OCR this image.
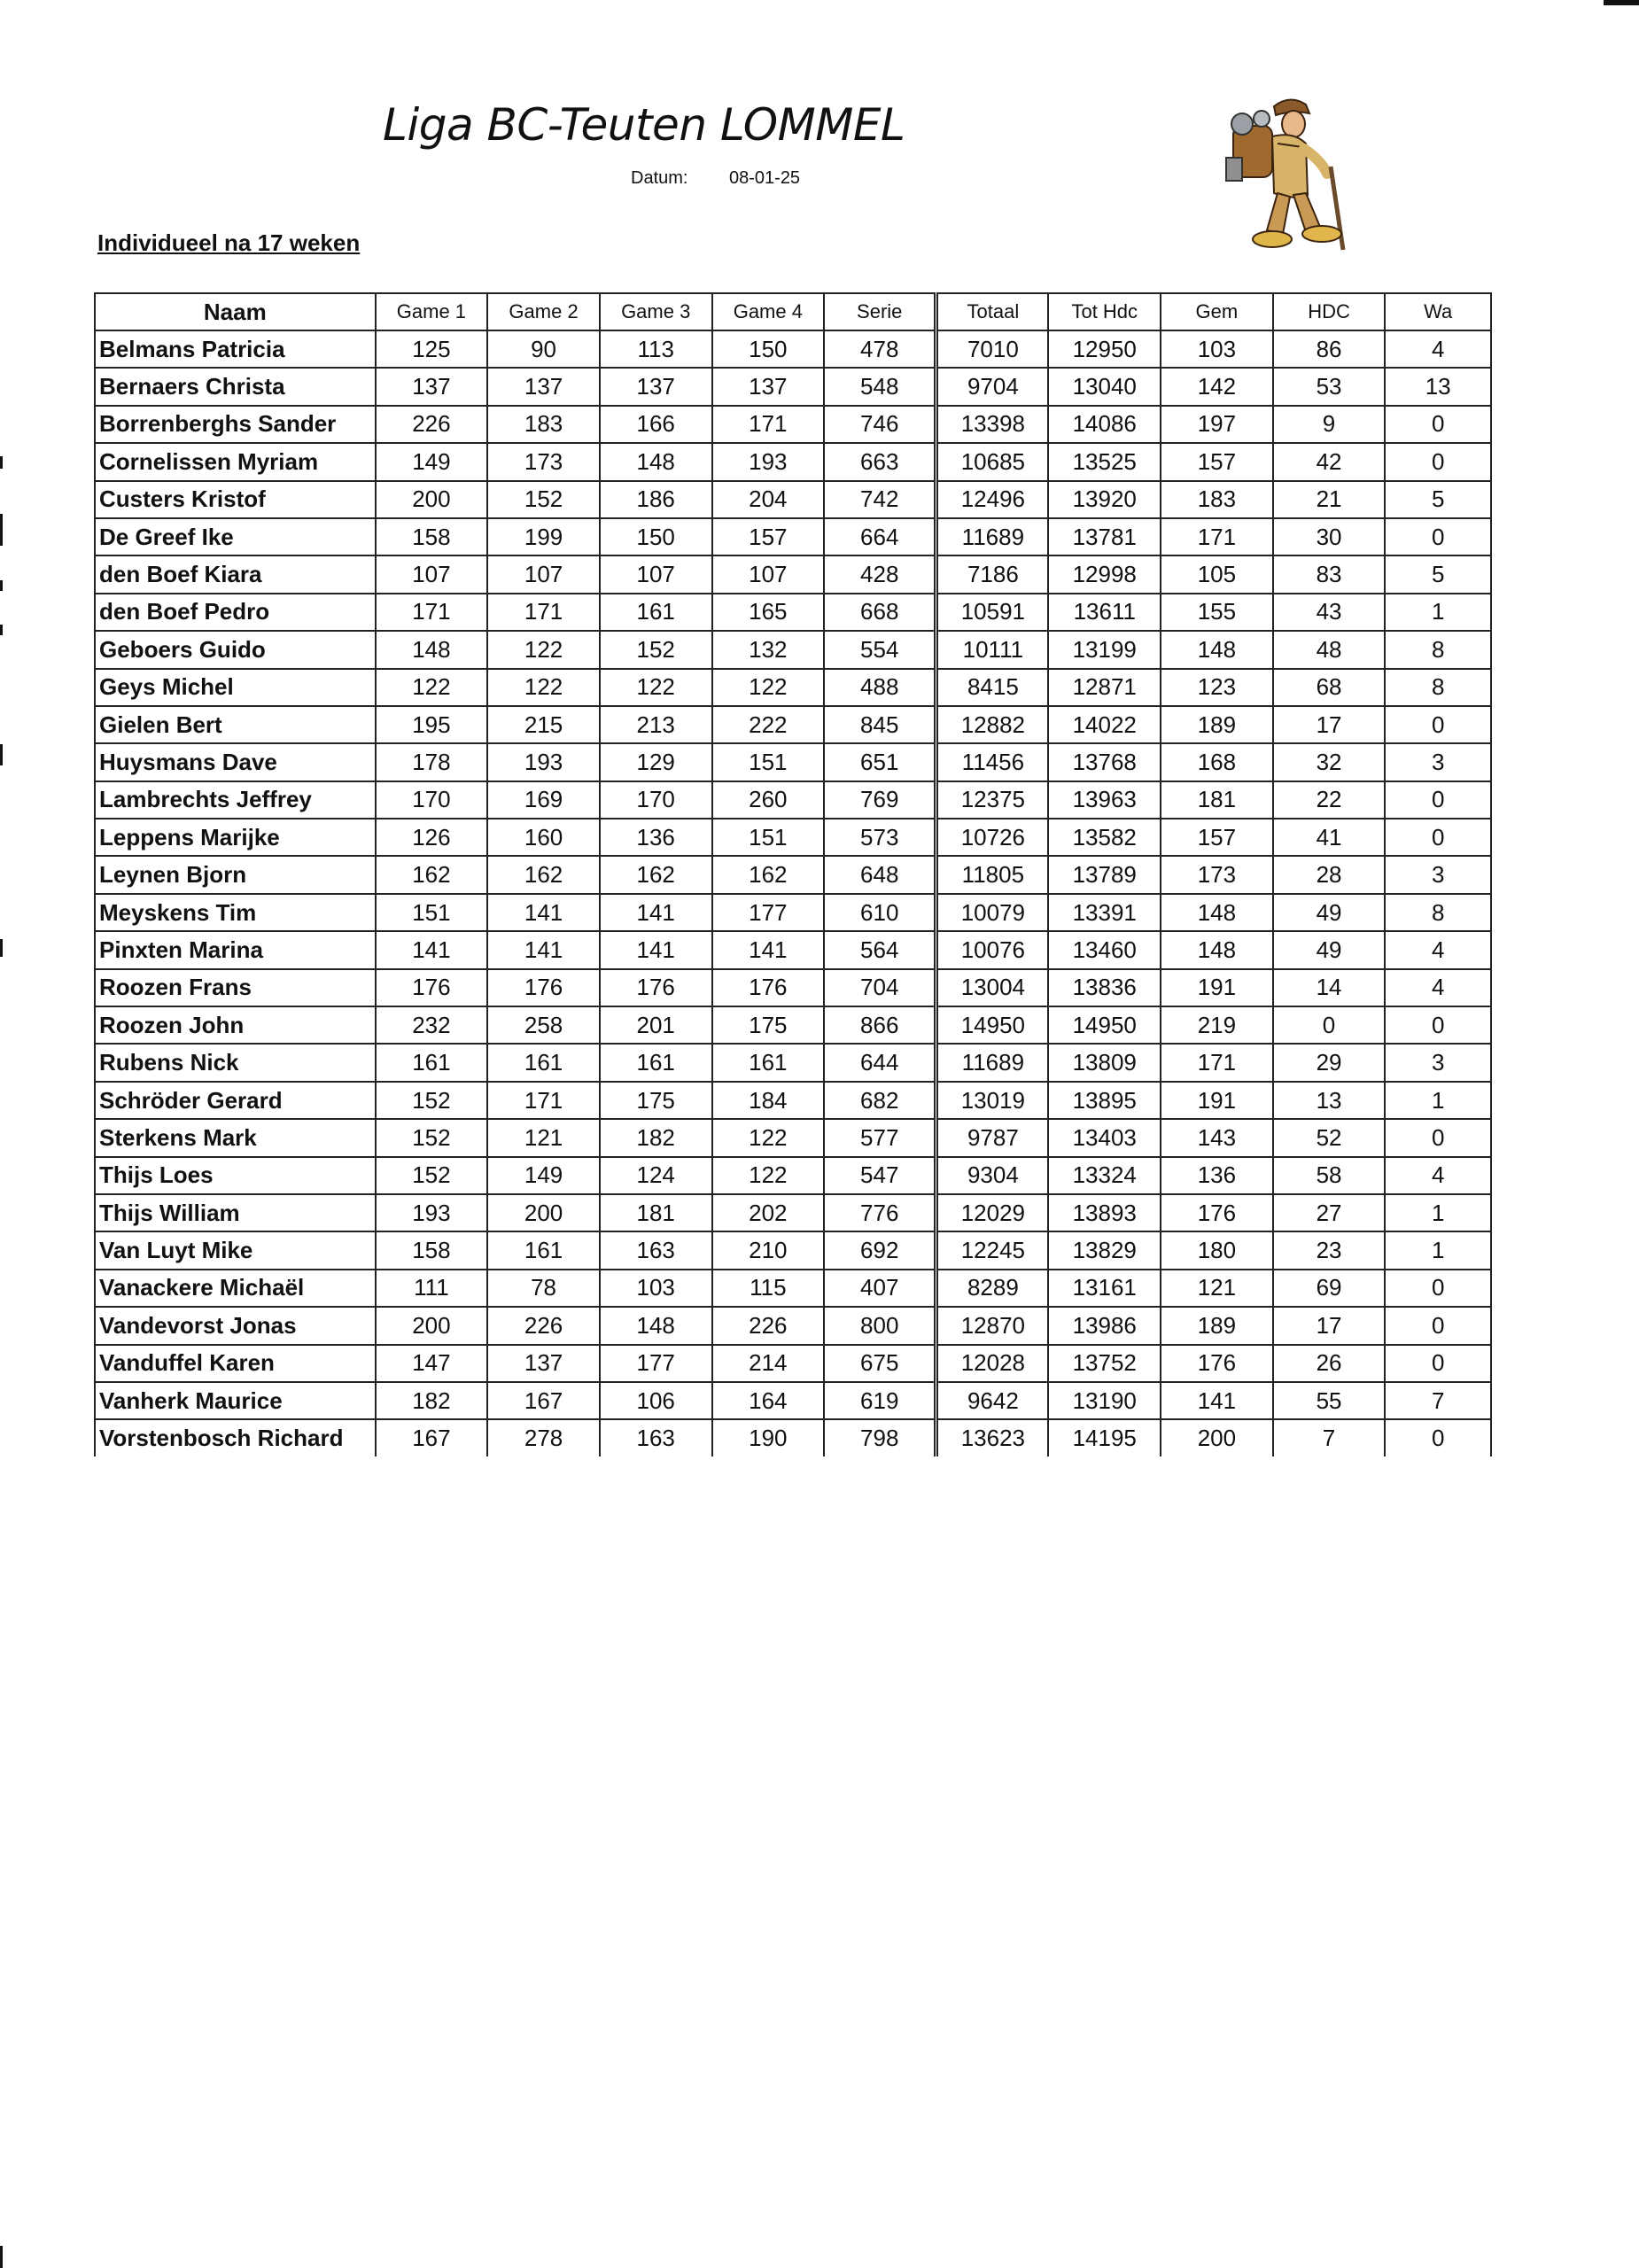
Liga BC-Teuten LOMMEL
Datum: 08-01-25
Individueel na 17 weken
Naam	Game 1	Game 2	Game 3	Game 4	Serie	Totaal	Tot Hdc	Gem	HDC	Wa
Belmans Patricia	125	90	113	150	478	7010	12950	103	86	4
Bernaers Christa	137	137	137	137	548	9704	13040	142	53	13
Borrenberghs Sander	226	183	166	171	746	13398	14086	197	9	0
Cornelissen Myriam	149	173	148	193	663	10685	13525	157	42	0
Custers Kristof	200	152	186	204	742	12496	13920	183	21	5
De Greef Ike	158	199	150	157	664	11689	13781	171	30	0
den Boef Kiara	107	107	107	107	428	7186	12998	105	83	5
den Boef Pedro	171	171	161	165	668	10591	13611	155	43	1
Geboers Guido	148	122	152	132	554	10111	13199	148	48	8
Geys Michel	122	122	122	122	488	8415	12871	123	68	8
Gielen Bert	195	215	213	222	845	12882	14022	189	17	0
Huysmans Dave	178	193	129	151	651	11456	13768	168	32	3
Lambrechts Jeffrey	170	169	170	260	769	12375	13963	181	22	0
Leppens Marijke	126	160	136	151	573	10726	13582	157	41	0
Leynen Bjorn	162	162	162	162	648	11805	13789	173	28	3
Meyskens Tim	151	141	141	177	610	10079	13391	148	49	8
Pinxten Marina	141	141	141	141	564	10076	13460	148	49	4
Roozen Frans	176	176	176	176	704	13004	13836	191	14	4
Roozen John	232	258	201	175	866	14950	14950	219	0	0
Rubens Nick	161	161	161	161	644	11689	13809	171	29	3
Schröder Gerard	152	171	175	184	682	13019	13895	191	13	1
Sterkens Mark	152	121	182	122	577	9787	13403	143	52	0
Thijs Loes	152	149	124	122	547	9304	13324	136	58	4
Thijs William	193	200	181	202	776	12029	13893	176	27	1
Van Luyt Mike	158	161	163	210	692	12245	13829	180	23	1
Vanackere Michaël	111	78	103	115	407	8289	13161	121	69	0
Vandevorst Jonas	200	226	148	226	800	12870	13986	189	17	0
Vanduffel Karen	147	137	177	214	675	12028	13752	176	26	0
Vanherk Maurice	182	167	106	164	619	9642	13190	141	55	7
Vorstenbosch Richard	167	278	163	190	798	13623	14195	200	7	0
